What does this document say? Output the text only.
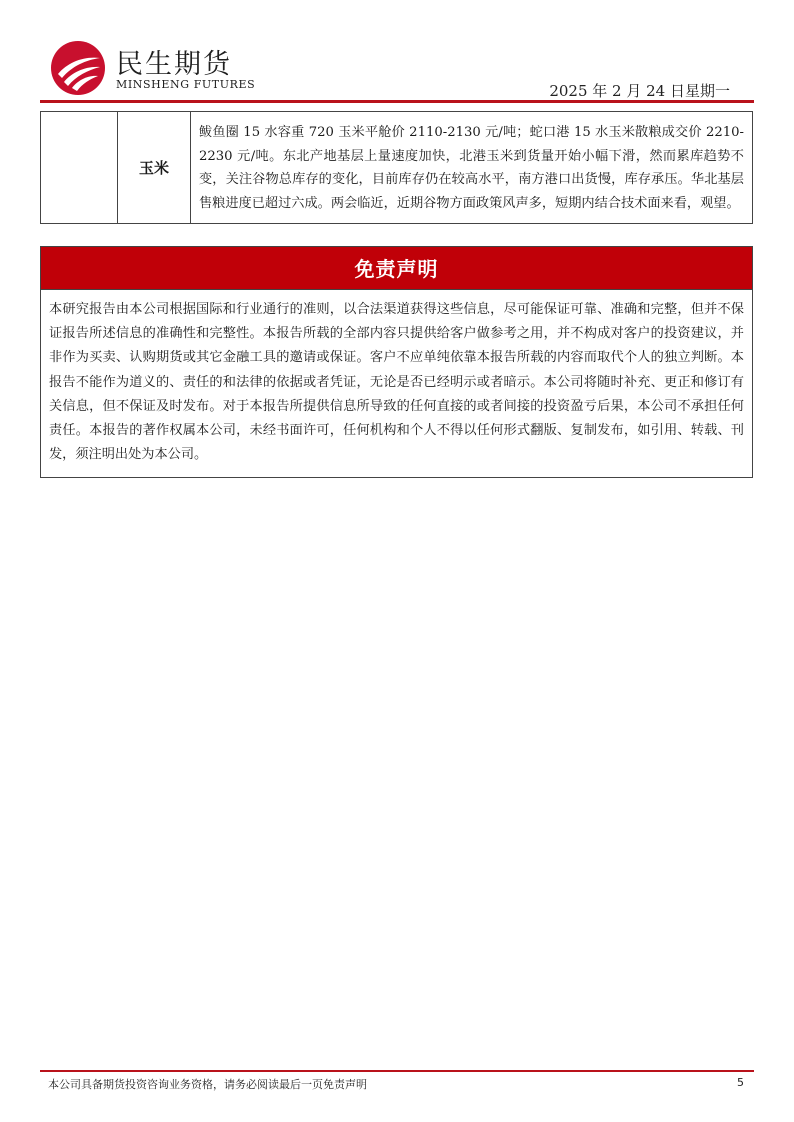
民生期货
MINSHENG FUTURES	2025 年 2 月 24 日星期一
	玉米	鲅鱼圈 15 水容重 720 玉米平舱价 2110-2130 元/吨；蛇口港 15 水玉米散粮成交价 2210-2230 元/吨。东北产地基层上量速度加快，北港玉米到货量开始小幅下滑，然而累库趋势不变，关注谷物总库存的变化，目前库存仍在较高水平，南方港口出货慢，库存承压。华北基层售粮进度已超过六成。两会临近，近期谷物方面政策风声多，短期内结合技术面来看，观望。
免责声明
本研究报告由本公司根据国际和行业通行的准则，以合法渠道获得这些信息，尽可能保证可靠、准确和完整，但并不保证报告所述信息的准确性和完整性。本报告所载的全部内容只提供给客户做参考之用，并不构成对客户的投资建议，并非作为买卖、认购期货或其它金融工具的邀请或保证。客户不应单纯依靠本报告所载的内容而取代个人的独立判断。本报告不能作为道义的、责任的和法律的依据或者凭证，无论是否已经明示或者暗示。本公司将随时补充、更正和修订有关信息，但不保证及时发布。对于本报告所提供信息所导致的任何直接的或者间接的投资盈亏后果，本公司不承担任何责任。本报告的著作权属本公司，未经书面许可，任何机构和个人不得以任何形式翻版、复制发布，如引用、转载、刊发，须注明出处为本公司。
本公司具备期货投资咨询业务资格，请务必阅读最后一页免责声明	5
